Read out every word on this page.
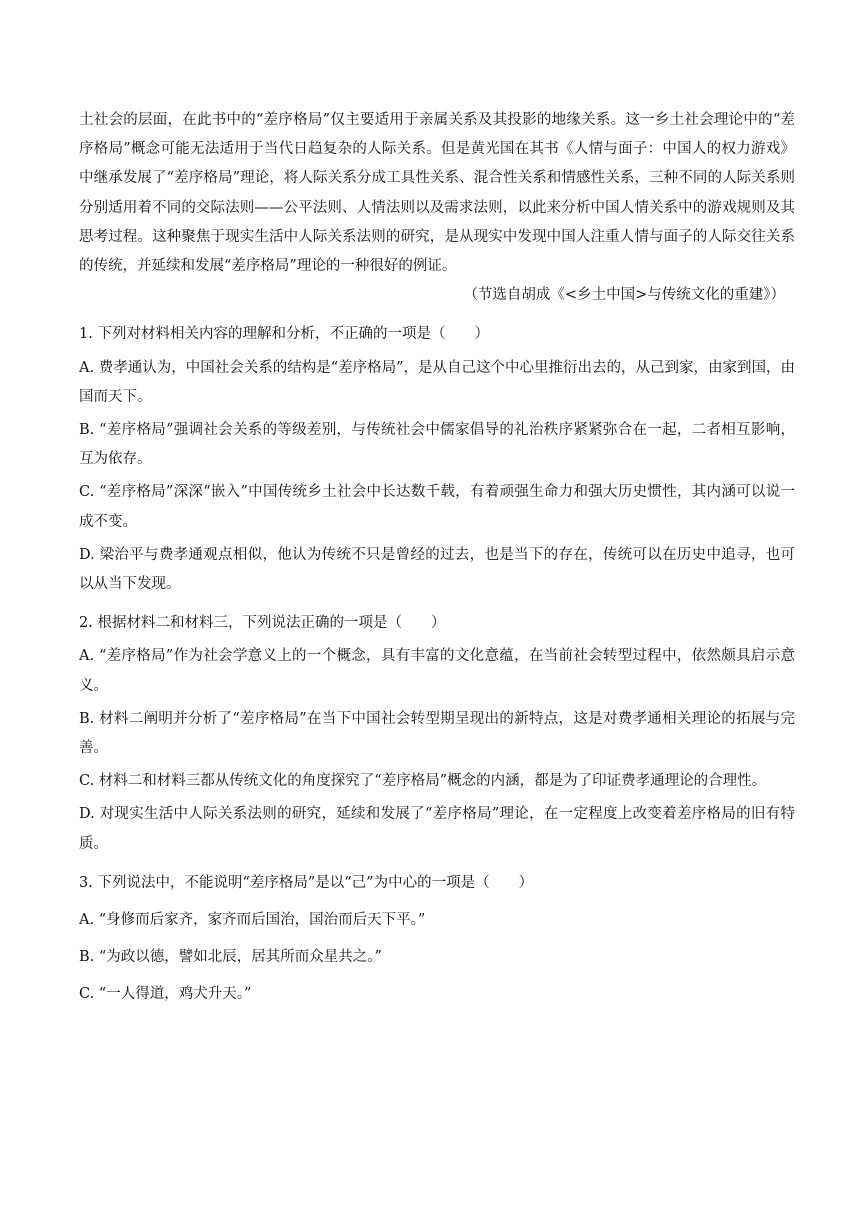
土社会的层面，在此书中的“差序格局”仅主要适用于亲属关系及其投影的地缘关系。这一乡土社会理论中的“差序格局”概念可能无法适用于当代日趋复杂的人际关系。但是黄光国在其书《人情与面子：中国人的权力游戏》中继承发展了“差序格局”理论，将人际关系分成工具性关系、混合性关系和情感性关系，三种不同的人际关系则分别适用着不同的交际法则——公平法则、人情法则以及需求法则，以此来分析中国人情关系中的游戏规则及其思考过程。这种聚焦于现实生活中人际关系法则的研究，是从现实中发现中国人注重人情与面子的人际交往关系的传统，并延续和发展“差序格局”理论的一种很好的例证。

（节选自胡成《<乡土中国>与传统文化的重建》）

1. 下列对材料相关内容的理解和分析，不正确的一项是（　　）

A. 费孝通认为，中国社会关系的结构是“差序格局”，是从自己这个中心里推衍出去的，从己到家，由家到国，由国而天下。

B. “差序格局”强调社会关系的等级差别，与传统社会中儒家倡导的礼治秩序紧紧弥合在一起，二者相互影响，互为依存。

C. “差序格局”深深“嵌入”中国传统乡土社会中长达数千载，有着顽强生命力和强大历史惯性，其内涵可以说一成不变。

D. 梁治平与费孝通观点相似，他认为传统不只是曾经的过去，也是当下的存在，传统可以在历史中追寻，也可以从当下发现。

2. 根据材料二和材料三，下列说法正确的一项是（　　）

A. “差序格局”作为社会学意义上的一个概念，具有丰富的文化意蕴，在当前社会转型过程中，依然颇具启示意义。

B. 材料二阐明并分析了“差序格局”在当下中国社会转型期呈现出的新特点，这是对费孝通相关理论的拓展与完善。

C. 材料二和材料三都从传统文化的角度探究了“差序格局”概念的内涵，都是为了印证费孝通理论的合理性。

D. 对现实生活中人际关系法则的研究，延续和发展了“差序格局”理论，在一定程度上改变着差序格局的旧有特质。

3. 下列说法中，不能说明“差序格局”是以“己”为中心的一项是（　　）

A. “身修而后家齐，家齐而后国治，国治而后天下平。”

B. “为政以德，譬如北辰，居其所而众星共之。”

C. “一人得道，鸡犬升天。”
